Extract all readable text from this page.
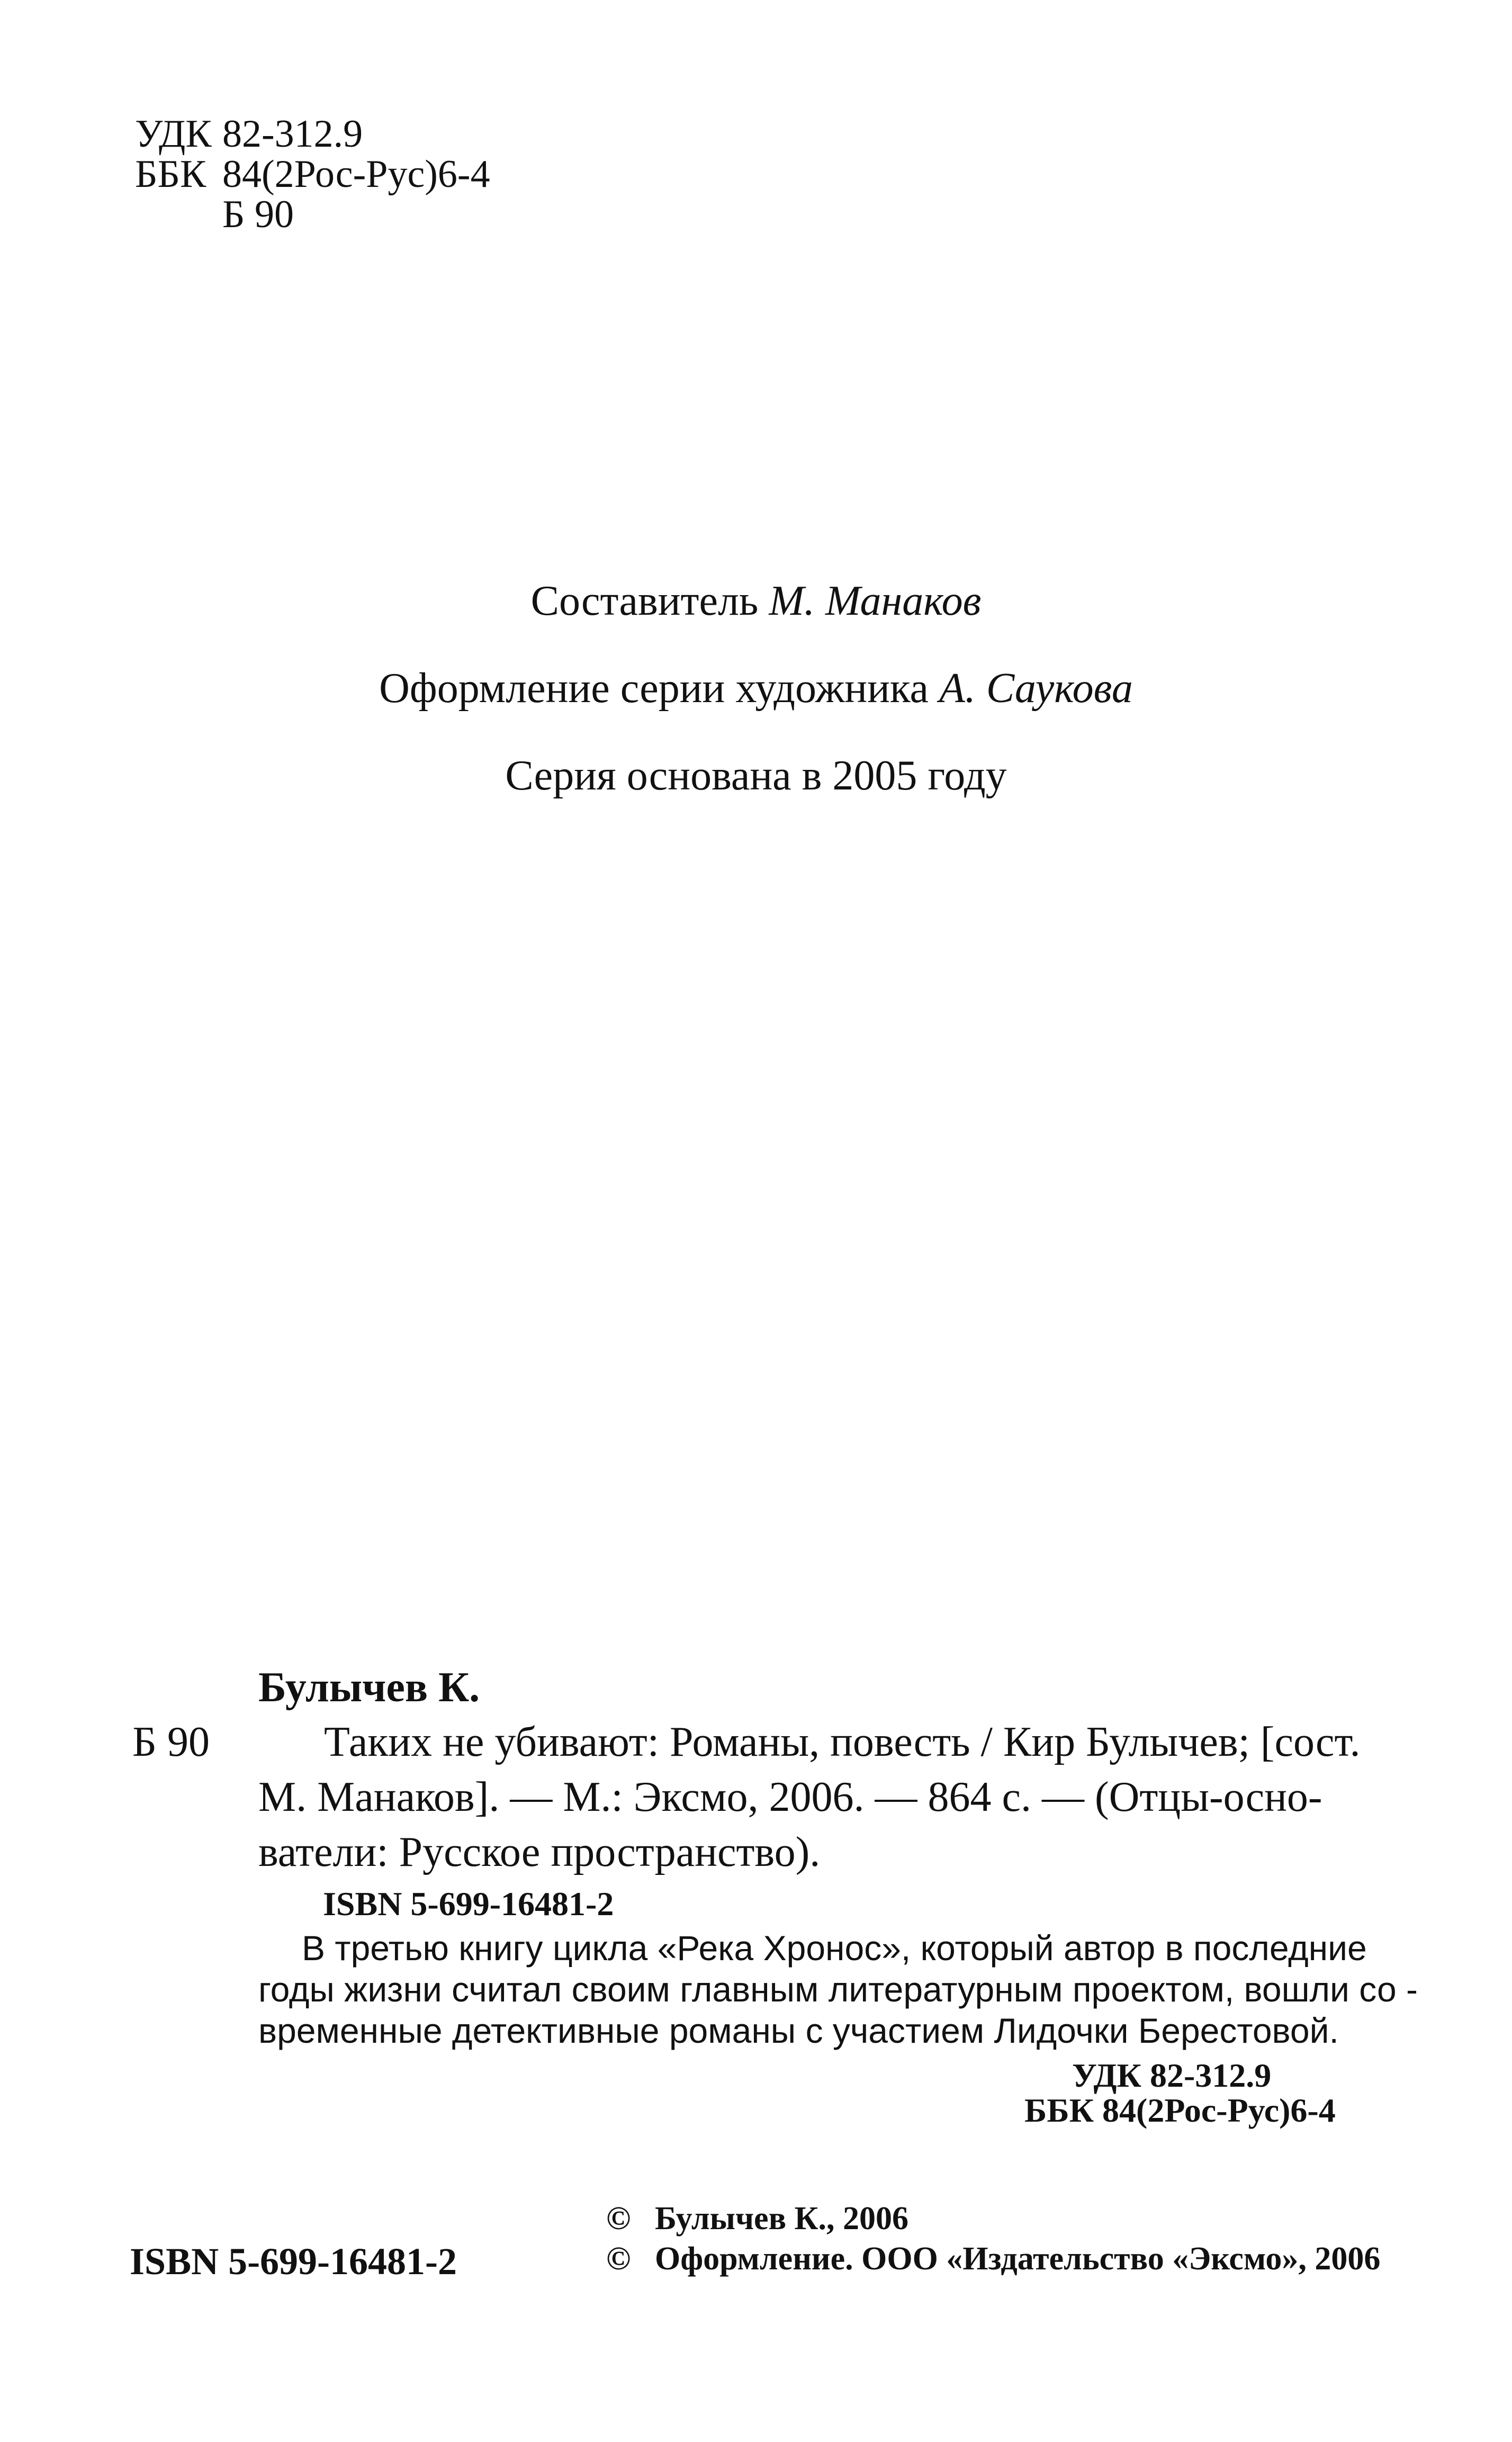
УДК 82-312.9
ББК 84(2Рос-Рус)6-4
Б 90
Составитель М. Манаков
Оформление серии художника А. Саукова
Серия основана в 2005 году
Булычев К.
Б 90	Таких не убивают: Романы, повесть / Кир Булычев; [сост.
М. Манаков]. — М.: Эксмо, 2006. — 864 с. — (Отцы-осно-
ватели: Русское пространство).
ISBN 5-699-16481-2
В третью книгу цикла «Река Хронос», который автор в последние
годы жизни считал своим главным литературным проектом, вошли со -
временные детективные романы с участием Лидочки Берестовой.
УДК 82-312.9
ББК 84(2Рос-Рус)6-4
ISBN 5-699-16481-2
© Булычев К., 2006
© Оформление. ООО «Издательство «Эксмо», 2006
